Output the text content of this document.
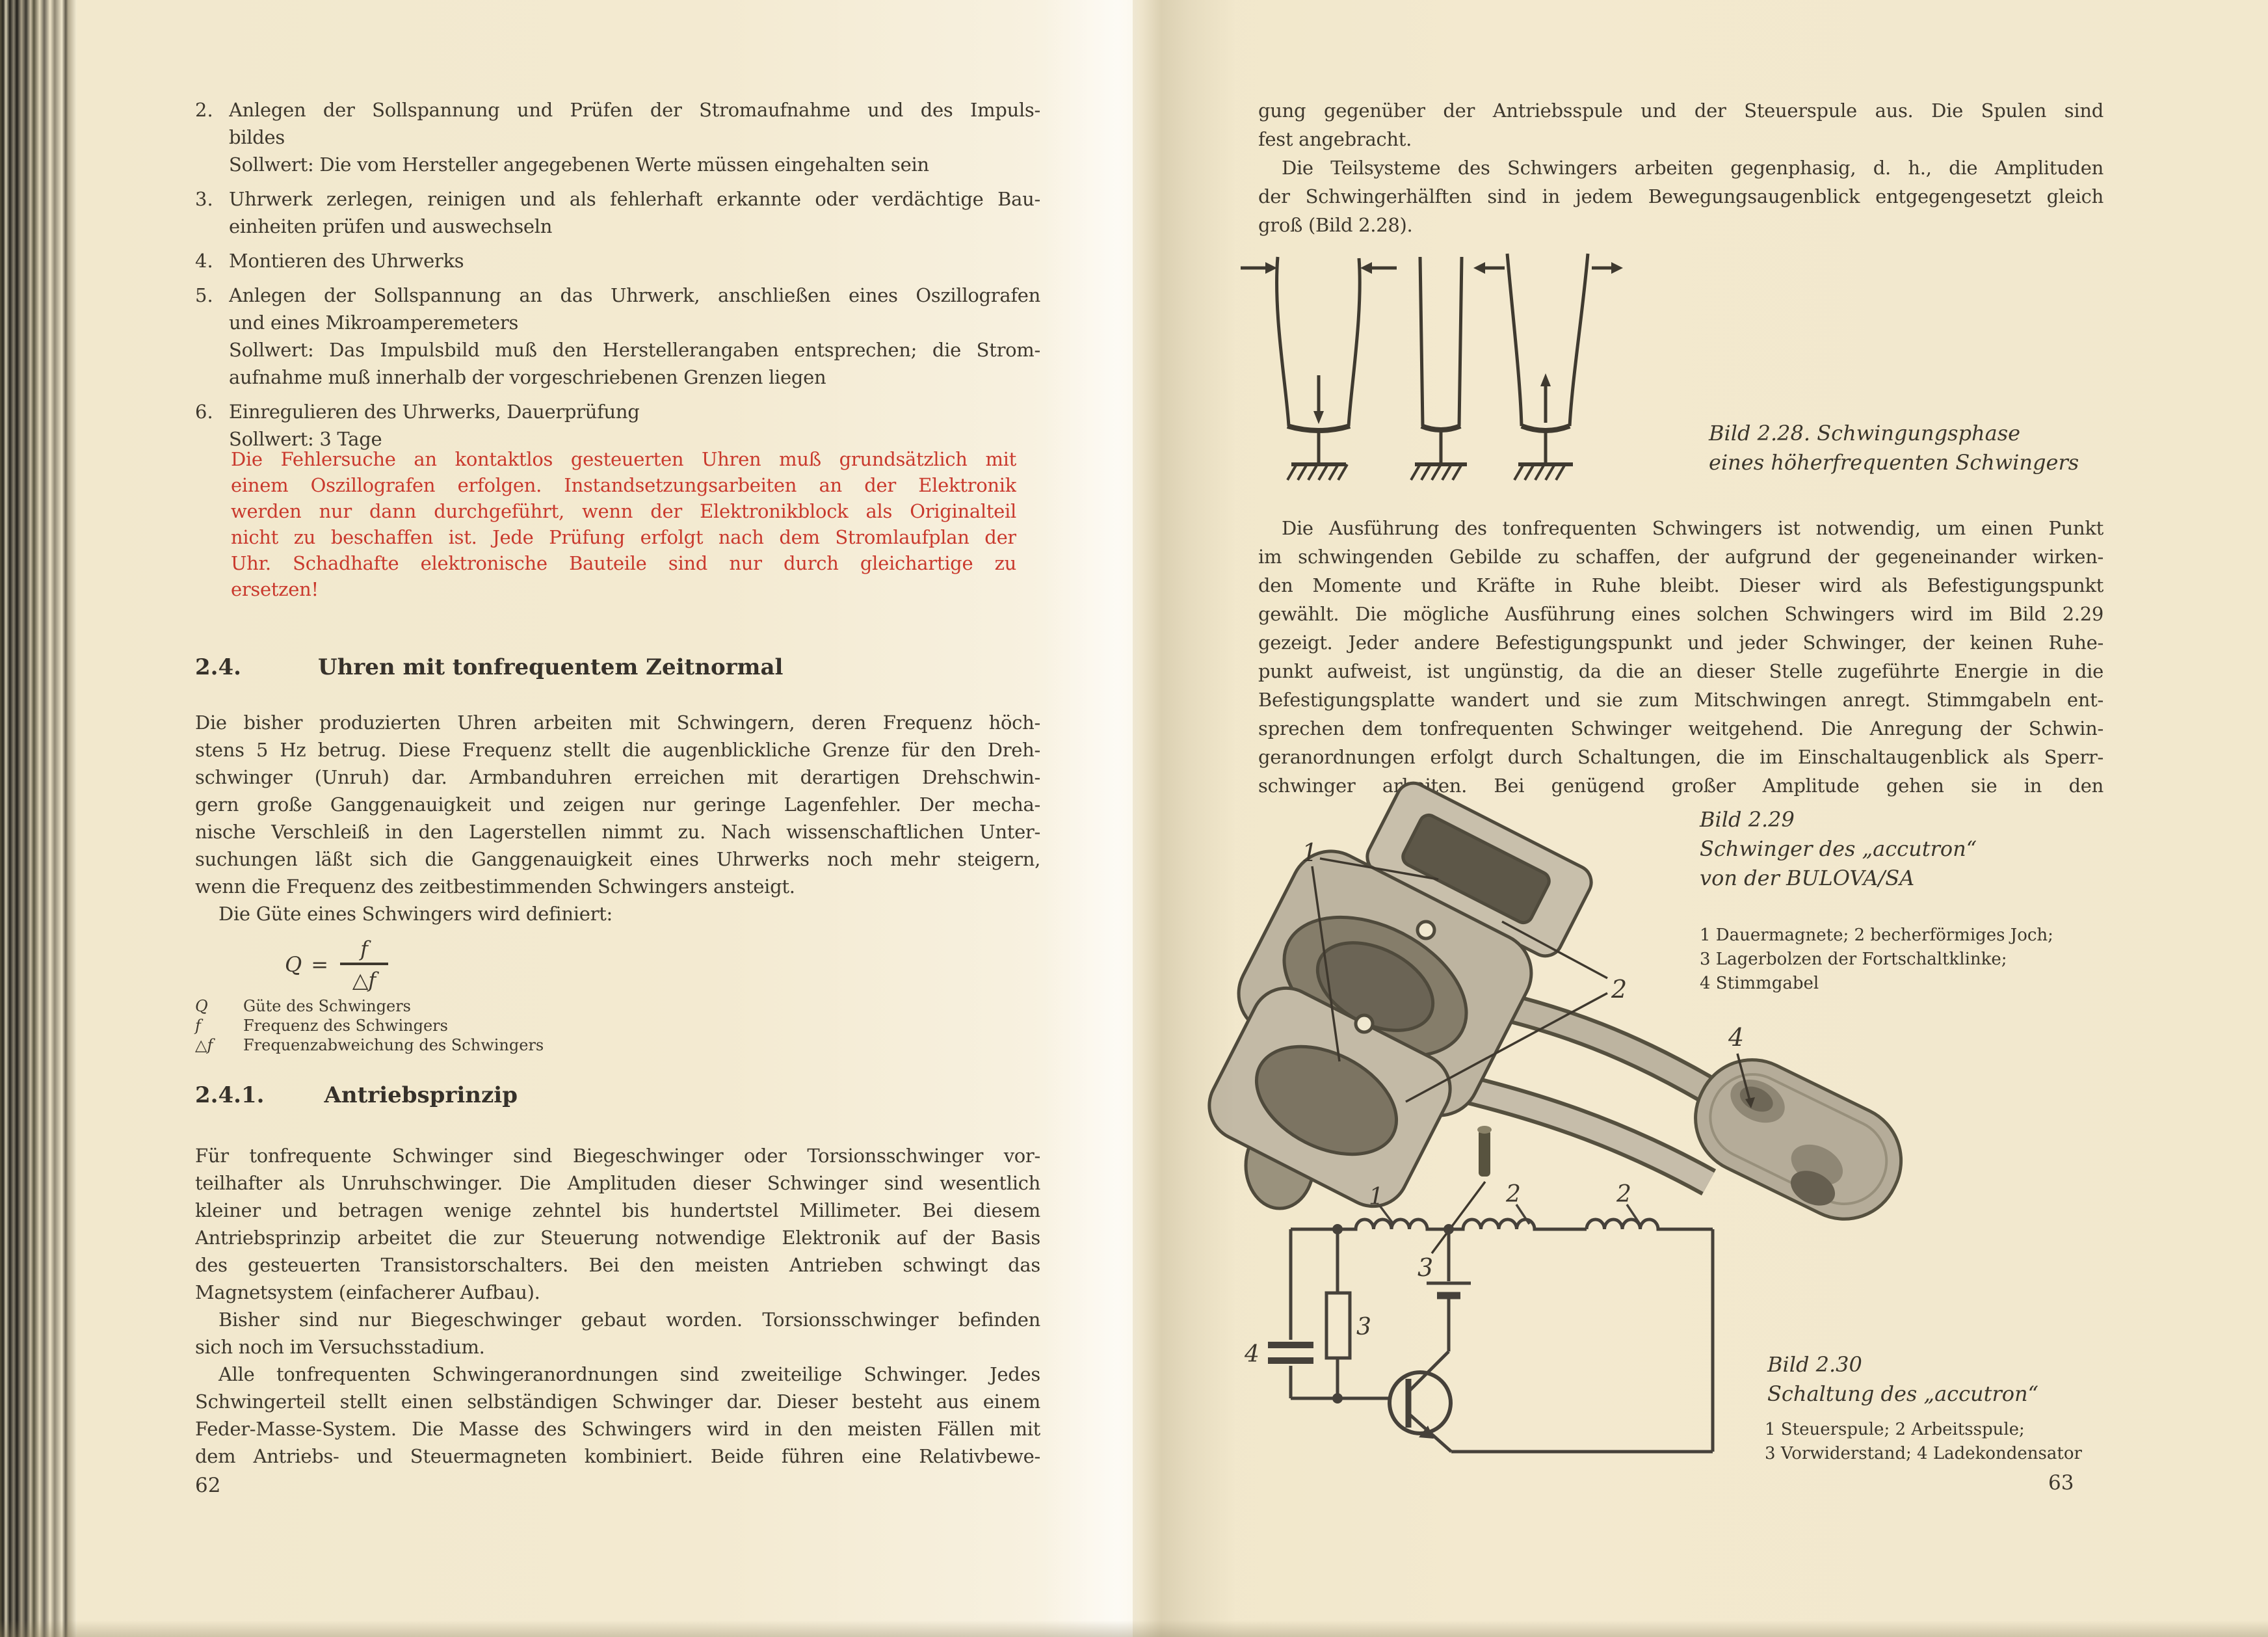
2. Anlegen der Sollspannung und Prüfen der Stromaufnahme und des Impuls-
bildes
Sollwert: Die vom Hersteller angegebenen Werte müssen eingehalten sein
3. Uhrwerk zerlegen, reinigen und als fehlerhaft erkannte oder verdächtige Bau-
einheiten prüfen und auswechseln
4. Montieren des Uhrwerks
5. Anlegen der Sollspannung an das Uhrwerk, anschließen eines Oszillografen
und eines Mikroamperemeters
Sollwert: Das Impulsbild muß den Herstellerangaben entsprechen; die Strom-
aufnahme muß innerhalb der vorgeschriebenen Grenzen liegen
6. Einregulieren des Uhrwerks, Dauerprüfung
Sollwert: 3 Tage
Die Fehlersuche an kontaktlos gesteuerten Uhren muß grundsätzlich mit
einem Oszillografen erfolgen. Instandsetzungsarbeiten an der Elektronik
werden nur dann durchgeführt, wenn der Elektronikblock als Originalteil
nicht zu beschaffen ist. Jede Prüfung erfolgt nach dem Stromlaufplan der
Uhr. Schadhafte elektronische Bauteile sind nur durch gleichartige zu
ersetzen!
2.4.	Uhren mit tonfrequentem Zeitnormal
Die bisher produzierten Uhren arbeiten mit Schwingern, deren Frequenz höch-
stens 5 Hz betrug. Diese Frequenz stellt die augenblickliche Grenze für den Dreh-
schwinger (Unruh) dar. Armbanduhren erreichen mit derartigen Drehschwin-
gern große Ganggenauigkeit und zeigen nur geringe Lagenfehler. Der mecha-
nische Verschleiß in den Lagerstellen nimmt zu. Nach wissenschaftlichen Unter-
suchungen läßt sich die Ganggenauigkeit eines Uhrwerks noch mehr steigern,
wenn die Frequenz des zeitbestimmenden Schwingers ansteigt.
Die Güte eines Schwingers wird definiert:
$Q = \frac{f}{\triangle f}$
Q	Güte des Schwingers
f	Frequenz des Schwingers
△f	Frequenzabweichung des Schwingers
2.4.1.	Antriebsprinzip
Für tonfrequente Schwinger sind Biegeschwinger oder Torsionsschwinger vor-
teilhafter als Unruhschwinger. Die Amplituden dieser Schwinger sind wesentlich
kleiner und betragen wenige zehntel bis hundertstel Millimeter. Bei diesem
Antriebsprinzip arbeitet die zur Steuerung notwendige Elektronik auf der Basis
des gesteuerten Transistorschalters. Bei den meisten Antrieben schwingt das
Magnetsystem (einfacherer Aufbau).
Bisher sind nur Biegeschwinger gebaut worden. Torsionsschwinger befinden
sich noch im Versuchsstadium.
Alle tonfrequenten Schwingeranordnungen sind zweiteilige Schwinger. Jedes
Schwingerteil stellt einen selbständigen Schwinger dar. Dieser besteht aus einem
Feder-Masse-System. Die Masse des Schwingers wird in den meisten Fällen mit
dem Antriebs- und Steuermagneten kombiniert. Beide führen eine Relativbewe-
62
gung gegenüber der Antriebsspule und der Steuerspule aus. Die Spulen sind
fest angebracht.
Die Teilsysteme des Schwingers arbeiten gegenphasig, d. h., die Amplituden
der Schwingerhälften sind in jedem Bewegungsaugenblick entgegengesetzt gleich
groß (Bild 2.28).
Bild 2.28. Schwingungsphase
eines höherfrequenten Schwingers
Die Ausführung des tonfrequenten Schwingers ist notwendig, um einen Punkt
im schwingenden Gebilde zu schaffen, der aufgrund der gegeneinander wirken-
den Momente und Kräfte in Ruhe bleibt. Dieser wird als Befestigungspunkt
gewählt. Die mögliche Ausführung eines solchen Schwingers wird im Bild 2.29
gezeigt. Jeder andere Befestigungspunkt und jeder Schwinger, der keinen Ruhe-
punkt aufweist, ist ungünstig, da die an dieser Stelle zugeführte Energie in die
Befestigungsplatte wandert und sie zum Mitschwingen anregt. Stimmgabeln ent-
sprechen dem tonfrequenten Schwinger weitgehend. Die Anregung der Schwin-
geranordnungen erfolgt durch Schaltungen, die im Einschaltaugenblick als Sperr-
schwinger arbeiten. Bei genügend großer Amplitude gehen sie in den
1
2
3
4
Bild 2.29
Schwinger des „accutron“
von der BULOVA/SA
1 Dauermagnete; 2 becherförmiges Joch;
3 Lagerbolzen der Fortschaltklinke;
4 Stimmgabel
1	2	2
3
4	Bild 2.30
Schaltung des „accutron“
1 Steuerspule; 2 Arbeitsspule;
3 Vorwiderstand; 4 Ladekondensator
63
